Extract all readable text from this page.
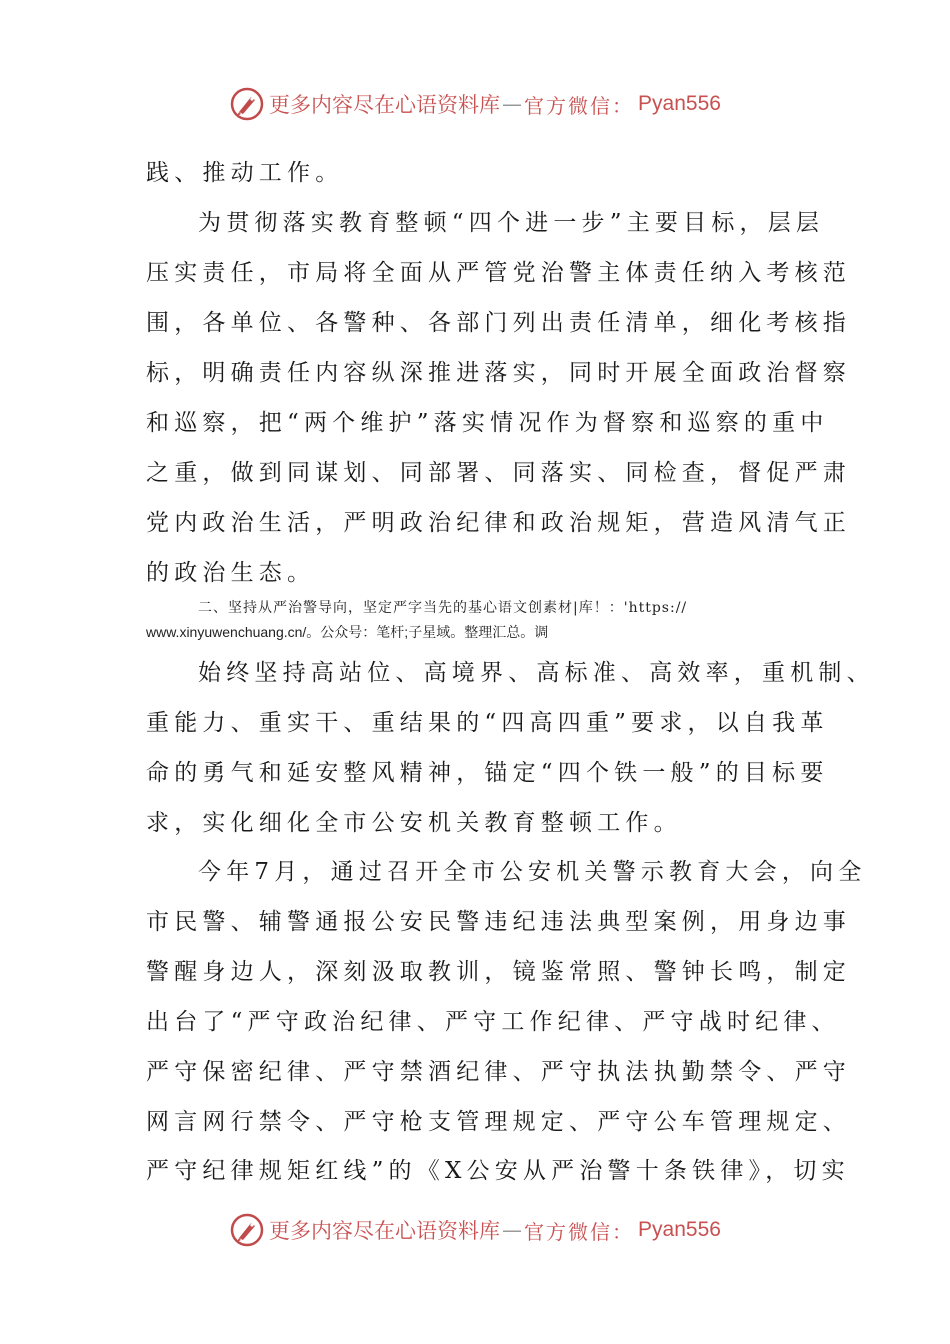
更多内容尽在心语资料库 — 官方微信： Pyan556
践、推动工作。
为贯彻落实教育整顿“四个进一步”主要目标，层层
压实责任，市局将全面从严管党治警主体责任纳入考核范
围，各单位、各警种、各部门列出责任清单，细化考核指
标，明确责任内容纵深推进落实，同时开展全面政治督察
和巡察，把“两个维护”落实情况作为督察和巡察的重中
之重，做到同谋划、同部署、同落实、同检查，督促严肃
党内政治生活，严明政治纪律和政治规矩，营造风清气正
的政治生态。
二、坚持从严治警导向，坚定严字当先的基心语文创素材|库！：'https://
www.xinyuwenchuang.cn/。公众号：笔杆;子星域。整理汇总。调
始终坚持高站位、高境界、高标准、高效率，重机制、
重能力、重实干、重结果的“四高四重”要求，以自我革
命的勇气和延安整风精神，锚定“四个铁一般”的目标要
求，实化细化全市公安机关教育整顿工作。
今年7月，通过召开全市公安机关警示教育大会，向全
市民警、辅警通报公安民警违纪违法典型案例，用身边事
警醒身边人，深刻汲取教训，镜鉴常照、警钟长鸣，制定
出台了“严守政治纪律、严守工作纪律、严守战时纪律、
严守保密纪律、严守禁酒纪律、严守执法执勤禁令、严守
网言网行禁令、严守枪支管理规定、严守公车管理规定、
严守纪律规矩红线”的《X公安从严治警十条铁律》，切实
更多内容尽在心语资料库 — 官方微信： Pyan556
